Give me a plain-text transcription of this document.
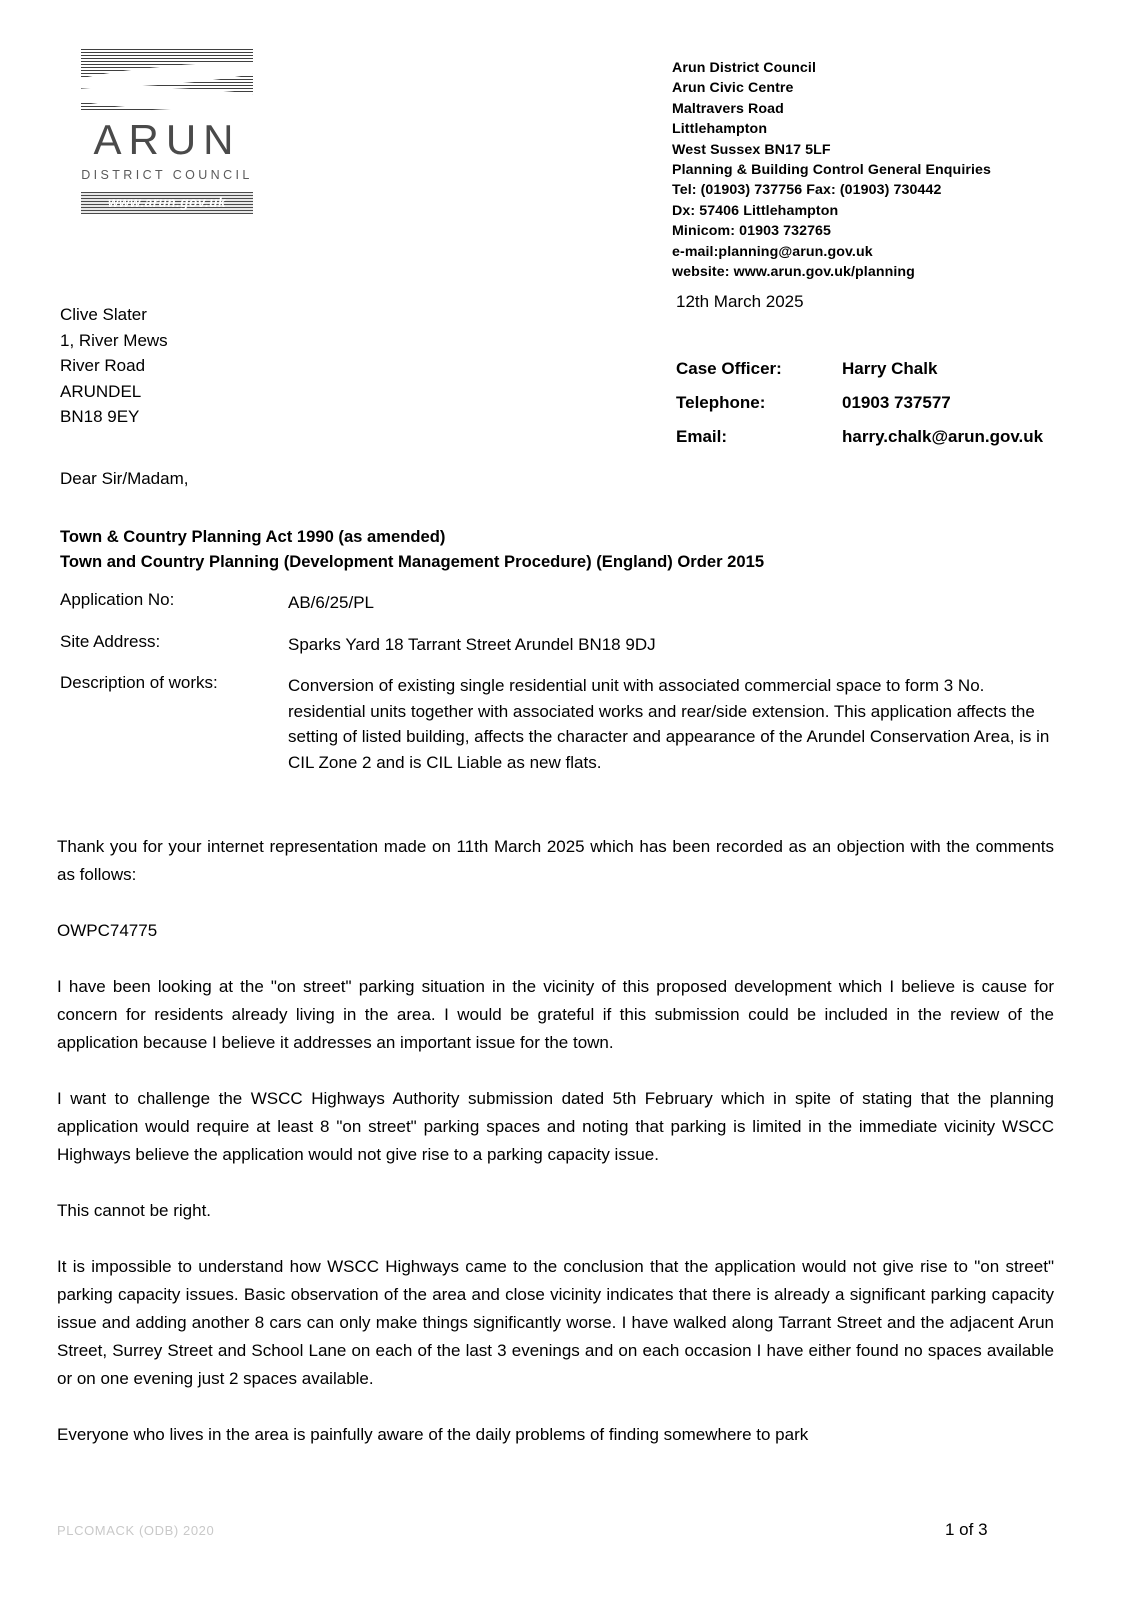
ARUN
DISTRICT COUNCIL
www.arun.gov.uk
Arun District Council
Arun Civic Centre
Maltravers Road
Littlehampton
West Sussex BN17 5LF
Planning & Building Control General Enquiries
Tel: (01903) 737756 Fax: (01903) 730442
Dx: 57406 Littlehampton
Minicom: 01903 732765
e-mail:planning@arun.gov.uk
website: www.arun.gov.uk/planning
12th March 2025
Clive Slater
1, River Mews
River Road
ARUNDEL
BN18 9EY
Case Officer:	Harry Chalk
Telephone:	01903 737577
Email:	harry.chalk@arun.gov.uk
Dear Sir/Madam,
Town & Country Planning Act 1990 (as amended)
Town and Country Planning (Development Management Procedure) (England) Order 2015
Application No:	AB/6/25/PL
Site Address:	Sparks Yard 18 Tarrant Street Arundel BN18 9DJ
Description of works:	Conversion of existing single residential unit with associated commercial space to form 3 No. residential units together with associated works and rear/side extension. This application affects the setting of listed building, affects the character and appearance of the Arundel Conservation Area, is in CIL Zone 2 and is CIL Liable as new flats.

Thank you for your internet representation made on 11th March 2025 which has been recorded as an objection with the comments as follows:

OWPC74775

I have been looking at the "on street" parking situation in the vicinity of this proposed development which I believe is cause for concern for residents already living in the area. I would be grateful if this submission could be included in the review of the application because I believe it addresses an important issue for the town.

I want to challenge the WSCC Highways Authority submission dated 5th February which in spite of stating that the planning application would require at least 8 "on street" parking spaces and noting that parking is limited in the immediate vicinity WSCC Highways believe the application would not give rise to a parking capacity issue.

This cannot be right.

It is impossible to understand how WSCC Highways came to the conclusion that the application would not give rise to "on street" parking capacity issues. Basic observation of the area and close vicinity indicates that there is already a significant parking capacity issue and adding another 8 cars can only make things significantly worse. I have walked along Tarrant Street and the adjacent Arun Street, Surrey Street and School Lane on each of the last 3 evenings and on each occasion I have either found no spaces available or on one evening just 2 spaces available.

Everyone who lives in the area is painfully aware of the daily problems of finding somewhere to park

PLCOMACK (ODB) 2020	1 of 3
